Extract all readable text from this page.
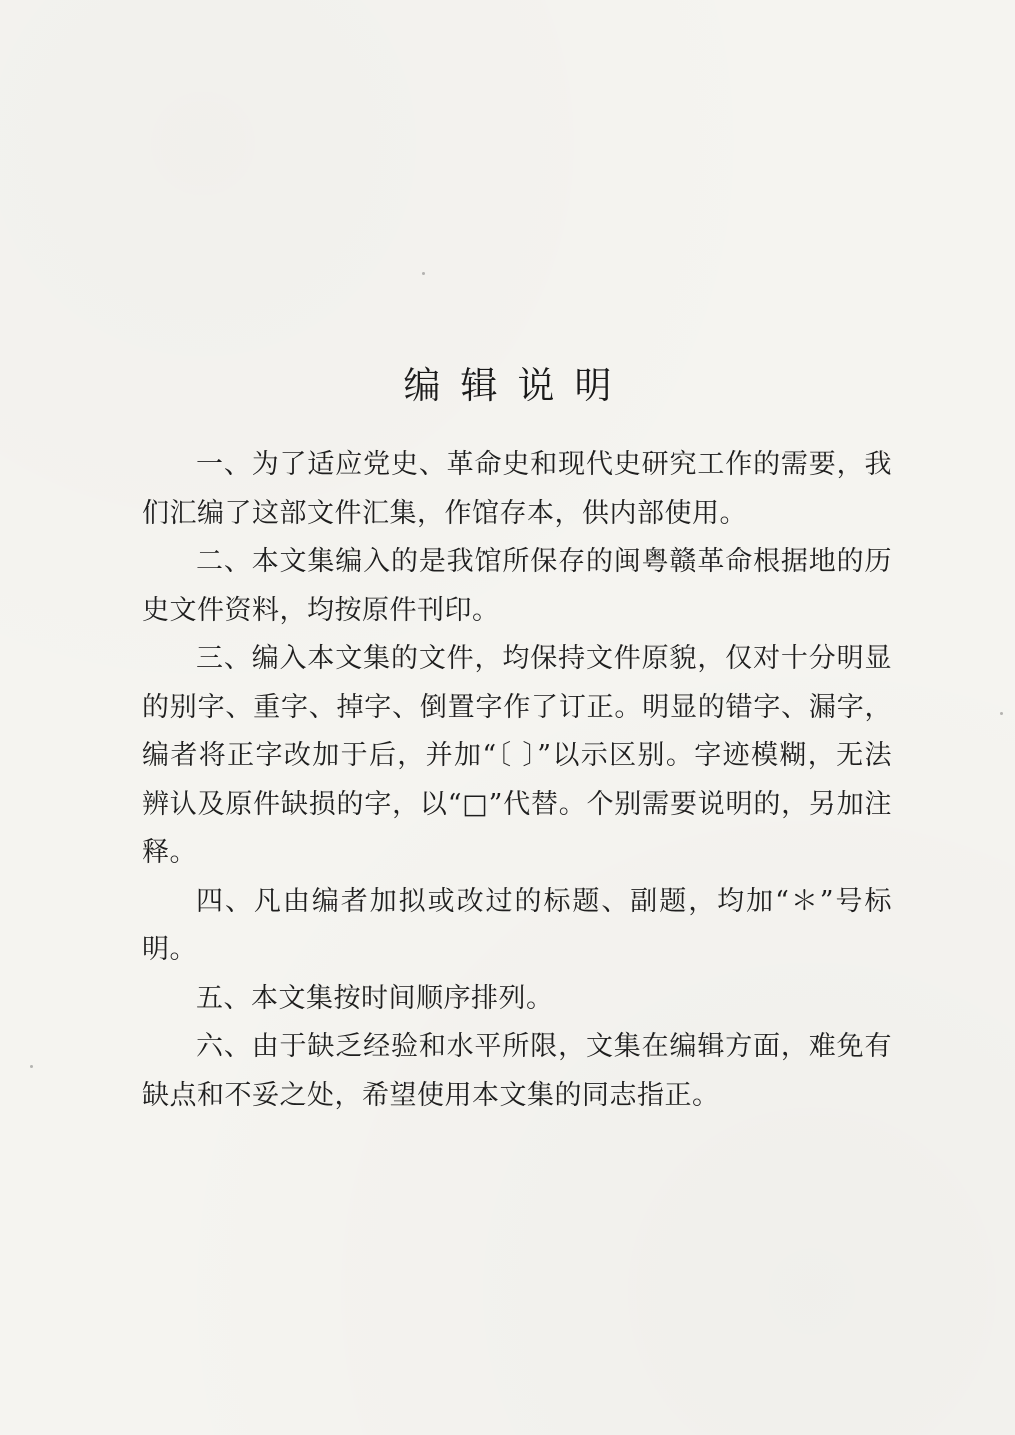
编辑说明

一、为了适应党史、革命史和现代史研究工作的需要，我们汇编了这部文件汇集，作馆存本，供内部使用。

二、本文集编入的是我馆所保存的闽粤赣革命根据地的历史文件资料，均按原件刊印。

三、编入本文集的文件，均保持文件原貌，仅对十分明显的别字、重字、掉字、倒置字作了订正。明显的错字、漏字，编者将正字改加于后，并加“〔 〕”以示区别。字迹模糊，无法辨认及原件缺损的字，以“□”代替。个别需要说明的，另加注释。

四、凡由编者加拟或改过的标题、副题，均加“＊”号标明。

五、本文集按时间顺序排列。

六、由于缺乏经验和水平所限，文集在编辑方面，难免有缺点和不妥之处，希望使用本文集的同志指正。
